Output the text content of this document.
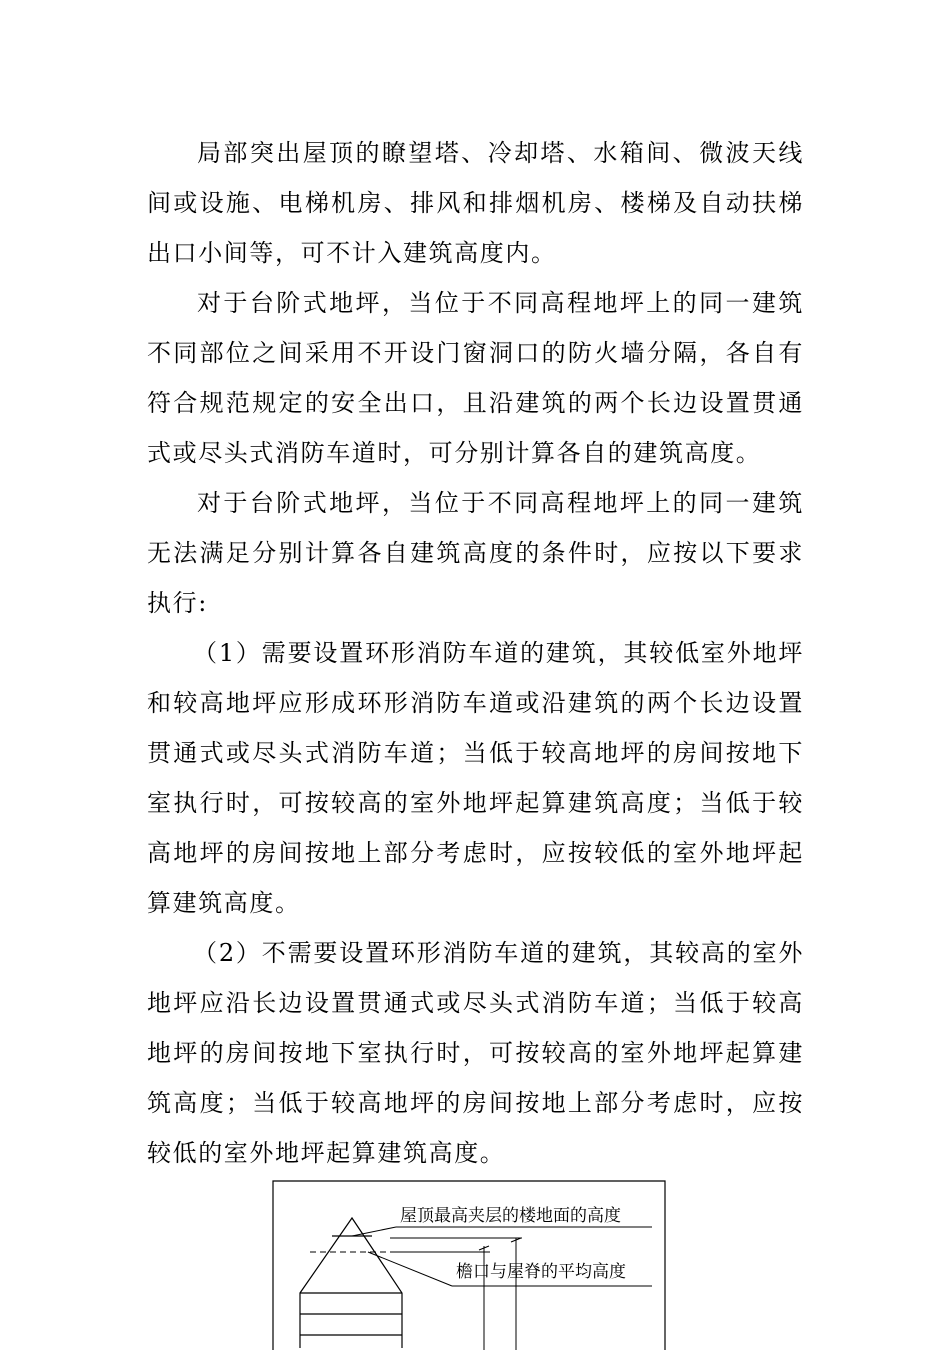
局部突出屋顶的瞭望塔、冷却塔、水箱间、微波天线间或设施、电梯机房、排风和排烟机房、楼梯及自动扶梯出口小间等，可不计入建筑高度内。

对于台阶式地坪，当位于不同高程地坪上的同一建筑不同部位之间采用不开设门窗洞口的防火墙分隔，各自有符合规范规定的安全出口，且沿建筑的两个长边设置贯通式或尽头式消防车道时，可分别计算各自的建筑高度。

对于台阶式地坪，当位于不同高程地坪上的同一建筑无法满足分别计算各自建筑高度的条件时，应按以下要求执行:

（1）需要设置环形消防车道的建筑，其较低室外地坪和较高地坪应形成环形消防车道或沿建筑的两个长边设置贯通式或尽头式消防车道；当低于较高地坪的房间按地下室执行时，可按较高的室外地坪起算建筑高度；当低于较高地坪的房间按地上部分考虑时，应按较低的室外地坪起算建筑高度。

（2）不需要设置环形消防车道的建筑，其较高的室外地坪应沿长边设置贯通式或尽头式消防车道；当低于较高地坪的房间按地下室执行时，可按较高的室外地坪起算建筑高度；当低于较高地坪的房间按地上部分考虑时，应按较低的室外地坪起算建筑高度。

屋顶最高夹层的楼地面的高度
檐口与屋脊的平均高度
